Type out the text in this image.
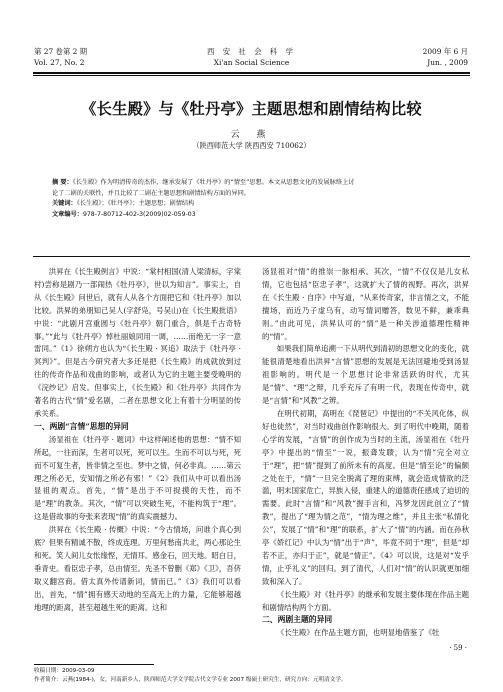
第 27 卷第 2 期
Vol. 27, No. 2
西 安 社 会 科 学
Xi'an Social Science
2009 年 6 月
Jun. , 2009
《长生殿》与《牡丹亭》主题思想和剧情结构比较
云 燕
（陕西师范大学 陕西西安 710062）
摘 要：《长生殿》作为明清传奇的杰作，继承发展了《牡丹亭》的“情至”思想。本文从思想文化的发展脉络上讨
论了二剧的关联性，并且比较了二剧在主题思想和剧情结构方面的异同。
关键词：《长生殿》；《牡丹亭》；主题思想；剧情结构
文章编号：978-7-80712-402-3(2009)02-059-03

洪昇在《长生殿例言》中说：“棠村相国(清人梁清标，字棠村)尝称是剧乃一部闹热《牡丹亭》，世以为知言”。事实上，自从《长生殿》问世后，就有人从各个方面把它和《牡丹亭》加以比较。洪昇的弟朋知己吴人(字舒凫，号吴山)在《长生殿批语》中说：“此剧月宫重圆与《牡丹亭》朝门重合，俱是千古奇特事。”“此与《牡丹亭》悼杜丽娘同用一调，……而绝无一字一意雷同。”《1》徐朔方也认为“《长生殿 · 冥追》取法于《牡丹亭 · 冥判》”。但是古今研究者大多还是把《长生殿》的成就放到过往的传奇作品和戏曲的影响，或者认为它的主题主要受晚明的《浣纱记》启发。但事实上，《长生殿》和《牡丹亭》共同作为著名的古代“情”爱名剧，二者在思想文化上有着十分明显的传承关系。

一、两剧“言情”思想的异同

汤显祖在《牡丹亭 · 题词》中这样阐述他的思想：“情不知所起，一往而深，生者可以死，死可以生。生而不可以与死，死而不可复生者，皆非情之至也。梦中之情，何必非真。……第云理之所必无，安知情之所必有邪！”《2》我们从中可以看出汤显祖的观点。首先，“情”是出于不可捉摸的天性，而不是“理”的教条。其次，“情”可以突破生死，不能构筑于“理”。这是借故事的夸张来表现“情”的真实震撼力。

洪昇在《长生殿 · 传概》中说：“今古情场，问谁个真心到底？但果有精诚不散，终成连理。万里何愁南共北，两心那论生和死。笑人间儿女怅缘悭，无情耳。感金石，回天地。昭白日，垂青史。看臣忠子孝，总由情至。先圣不曾删《郑》《卫》，吾侪取义翻宫商。借太真外传谱新词，情而已。”《3》我们可以看出，首先，“情”拥有感天动地的至高无上的力量，它能够超越地理的距离，甚至超越生死的距离。这和

汤显祖对“情”的推崇一脉相承。其次，“情”不仅仅是儿女私情，它也包括“臣忠子孝”，这就扩大了情的视野。再次，洪昇在《长生殿 · 自序》中写道，“从来传奇家，非言情之文，不能擅场，而近乃子虚乌有，动写情词赠答，数见不鲜，兼乖典则。”由此可见，洪昇认可的“情”是一种关涉道德理性精神的“情”。

如果我们简单追溯一下从明代到清初的思想文化的变化，就能很清楚地看出洪昇“言情”思想的发展是无法回避地受到汤显祖影响的。明代是一个思想讨论非常活跃的时代，尤其是“情”、“理”之辩，几乎充斥了有明一代，表现在传奇中，就是“言情”和“风教”之辨。

在明代初期，高明在《琵琶记》中提出的“不关风化体，纵好也徒然”，对当时戏曲创作影响很大。到了明代中晚期，随着心学的发展，“言情”的创作成为当时的主流，汤显祖在《牡丹亭》中提出的“情至”一说，振聋发聩，认为“情”完全对立于“理”，把“情”提到了前所未有的高度。但是“情至论”的偏颇之处在于，“情”一旦完全脱离了理的束缚，就会造成情欲的泛滥，明末国家危亡，异族入侵，重建人的道德责任感成了迫切的需要。此时“言情”和“风教”握手言和，冯梦龙因此创立了“情教”，提出了“理为情之范”，“情为理之维”，并且主张“私情化公”，发展了“情”和“理”的联系，扩大了“情”的内涵。而在孙秋亭《娇红记》中认为“情”出于“声”，毕竟不同于“理”，但是“却若不正，亦归于正”，就是“情正”。《4》可以说，这是对“发乎情，止乎礼义”的回归。到了清代，人们对“情”的认识就更加细致和深入了。

《长生殿》对《牡丹亭》的继承和发展主要体现在作品主题和剧情结构两个方面。

二、两剧主题的异同

《长生殿》在作品主题方面，也明显地借鉴了《牡

· 59 ·
收稿日期：2009-03-09
作者简介：云燕(1984-)，女，河南新乡人，陕西师范大学文学院古代文学专业 2007 级硕士研究生，研究方向：元明清文学。
